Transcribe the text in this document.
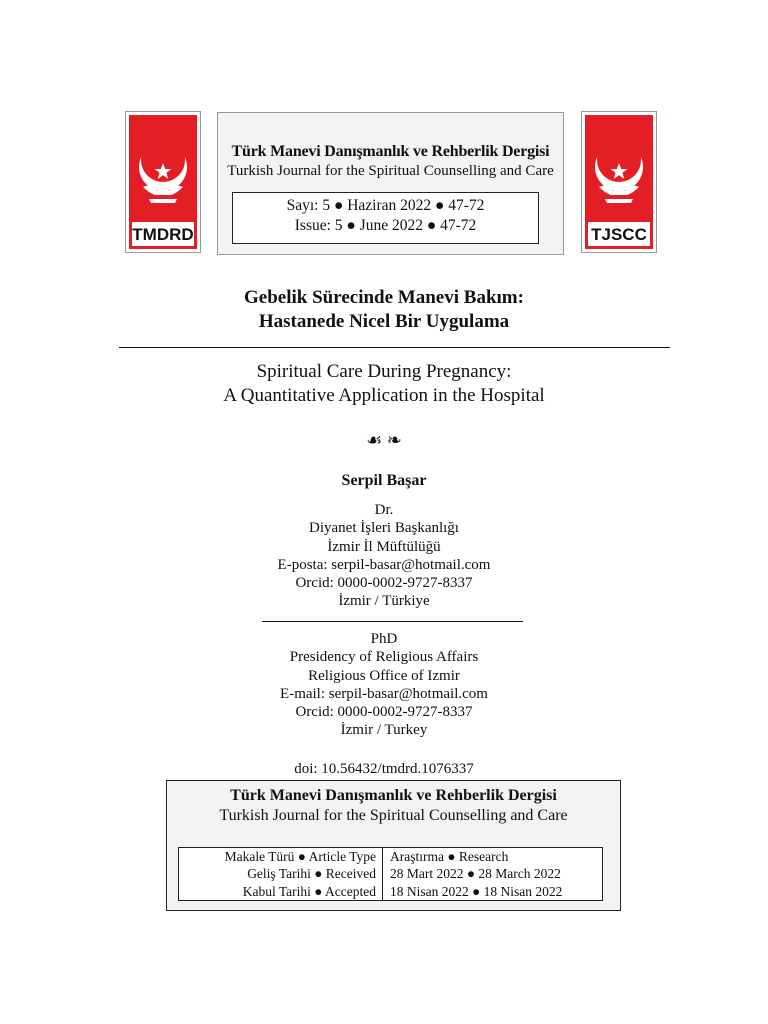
TMDRD
Türk Manevi Danışmanlık ve Rehberlik Dergisi
Turkish Journal for the Spiritual Counselling and Care
Sayı: 5 ● Haziran 2022 ● 47-72
Issue: 5 ● June 2022 ● 47-72	TJSCC
Gebelik Sürecinde Manevi Bakım:
Hastanede Nicel Bir Uygulama
Spiritual Care During Pregnancy:
A Quantitative Application in the Hospital
☙ ❧
Serpil Başar
Dr.
Diyanet İşleri Başkanlığı
İzmir İl Müftülüğü
E-posta: serpil-basar@hotmail.com
Orcid: 0000-0002-9727-8337
İzmir / Türkiye
PhD
Presidency of Religious Affairs
Religious Office of Izmir
E-mail: serpil-basar@hotmail.com
Orcid: 0000-0002-9727-8337
İzmir / Turkey
doi: 10.56432/tmdrd.1076337
Türk Manevi Danışmanlık ve Rehberlik Dergisi
Turkish Journal for the Spiritual Counselling and Care
Makale Türü ● Article Type
Geliş Tarihi ● Received
Kabul Tarihi ● Accepted
Araştırma ● Research
28 Mart 2022 ● 28 March 2022
18 Nisan 2022 ● 18 Nisan 2022
